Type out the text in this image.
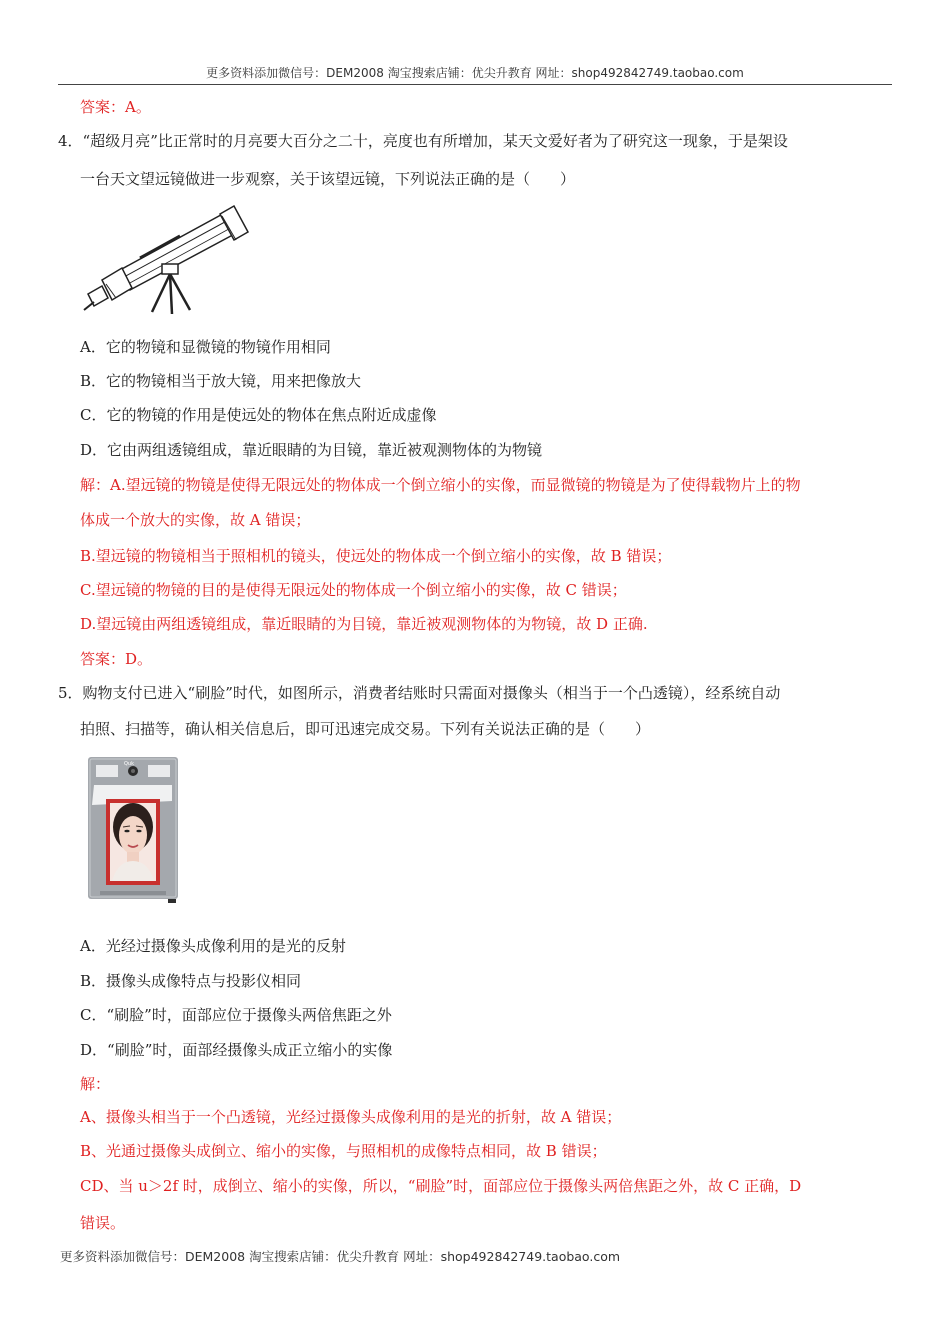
更多资料添加微信号：DEM2008 淘宝搜索店铺：优尖升教育 网址：shop492842749.taobao.com
答案：A。
4．“超级月亮”比正常时的月亮要大百分之二十，亮度也有所增加，某天文爱好者为了研究这一现象，于是架设
一台天文望远镜做进一步观察，关于该望远镜，下列说法正确的是（　　）
A．它的物镜和显微镜的物镜作用相同
B．它的物镜相当于放大镜，用来把像放大
C．它的物镜的作用是使远处的物体在焦点附近成虚像
D．它由两组透镜组成，靠近眼睛的为目镜，靠近被观测物体的为物镜
解：A.望远镜的物镜是使得无限远处的物体成一个倒立缩小的实像，而显微镜的物镜是为了使得载物片上的物
体成一个放大的实像，故 A 错误；
B.望远镜的物镜相当于照相机的镜头，使远处的物体成一个倒立缩小的实像，故 B 错误；
C.望远镜的物镜的目的是使得无限远处的物体成一个倒立缩小的实像，故 C 错误；
D.望远镜由两组透镜组成，靠近眼睛的为目镜，靠近被观测物体的为物镜，故 D 正确.
答案：D。
5．购物支付已进入“刷脸”时代，如图所示，消费者结账时只需面对摄像头（相当于一个凸透镜），经系统自动
拍照、扫描等，确认相关信息后，即可迅速完成交易。下列有关说法正确的是（　　）
Quk
A．光经过摄像头成像利用的是光的反射
B．摄像头成像特点与投影仪相同
C．“刷脸”时，面部应位于摄像头两倍焦距之外
D．“刷脸”时，面部经摄像头成正立缩小的实像
解：
A、摄像头相当于一个凸透镜，光经过摄像头成像利用的是光的折射，故 A 错误；
B、光通过摄像头成倒立、缩小的实像，与照相机的成像特点相同，故 B 错误；
CD、当 u＞2f 时，成倒立、缩小的实像，所以，“刷脸”时，面部应位于摄像头两倍焦距之外，故 C 正确，D
错误。
更多资料添加微信号：DEM2008 淘宝搜索店铺：优尖升教育 网址：shop492842749.taobao.com
